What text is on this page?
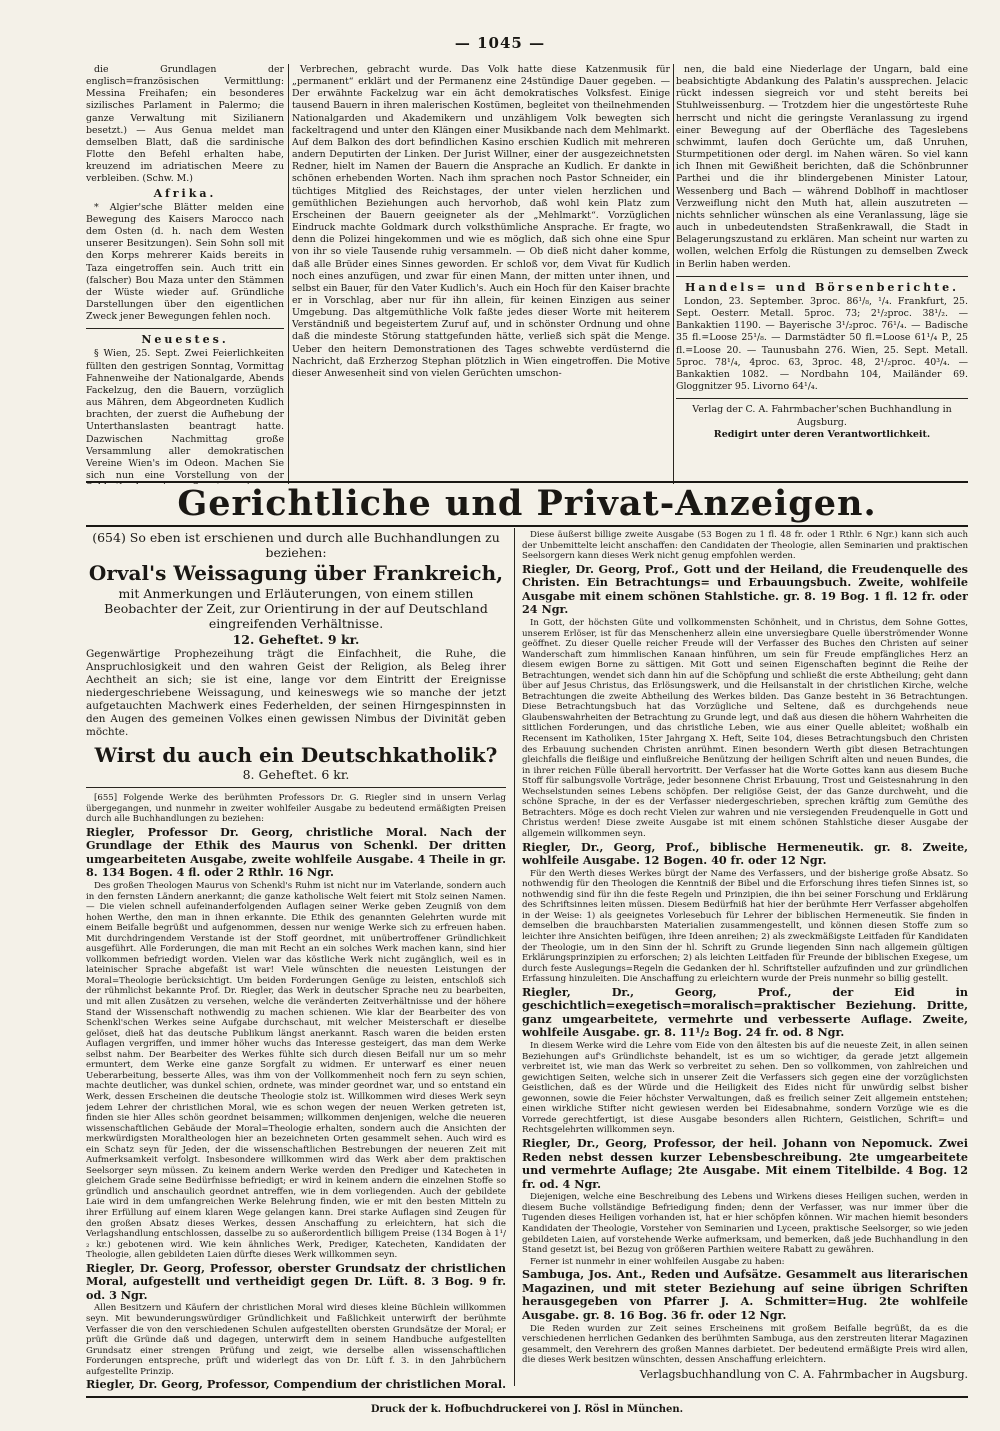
— 1045 —

die Grundlagen der englisch=französischen Vermittlung: Messina Freihafen; ein besonderes sizilisches Parlament in Palermo; die ganze Verwaltung mit Sizilianern besetzt.) — Aus Genua meldet man demselben Blatt, daß die sardinische Flotte den Befehl erhalten habe, kreuzend im adriatischen Meere zu verbleiben. (Schw. M.)

Afrika.

* Algier'sche Blätter melden eine Bewegung des Kaisers Marocco nach dem Osten (d. h. nach dem Westen unserer Besitzungen). Sein Sohn soll mit den Korps mehrerer Kaids bereits in Taza eingetroffen sein. Auch tritt ein (falscher) Bou Maza unter den Stämmen der Wüste wieder auf. Gründliche Darstellungen über den eigentlichen Zweck jener Bewegungen fehlen noch.

Neuestes.

§ Wien, 25. Sept. Zwei Feierlichkeiten füllten den gestrigen Sonntag, Vormittag Fahnenweihe der Nationalgarde, Abends Fackelzug, den die Bauern, vorzüglich aus Mähren, dem Abgeordneten Kudlich brachten, der zuerst die Aufhebung der Unterthanslasten beantragt hatte. Dazwischen Nachmittag große Versammlung aller demokratischen Vereine Wien's im Odeon. Machen Sie sich nun eine Vorstellung von der

Verbrechen, gebracht wurde. Das Volk hatte diese Katzenmusik für „permanent“ erklärt und der Permanenz eine 24stündige Dauer gegeben. — Der erwähnte Fackelzug war ein ächt demokratisches Volksfest. Einige tausend Bauern in ihren malerischen Kostümen, begleitet von theilnehmenden Nationalgarden und Akademikern und unzähligem Volk bewegten sich fackeltragend und unter den Klängen einer Musikbande nach dem Mehlmarkt. Auf dem Balkon des dort befindlichen Kasino erschien Kudlich mit mehreren andern Deputirten der Linken. Der Jurist Willner, einer der ausgezeichnetsten Redner, hielt im Namen der Bauern die Ansprache an Kudlich. Er dankte in schönen erhebenden Worten. Nach ihm sprachen noch Pastor Schneider, ein tüchtiges Mitglied des Reichstages, der unter vielen herzlichen und gemüthlichen Beziehungen auch hervorhob, daß wohl kein Platz zum Erscheinen der Bauern geeigneter als der „Mehlmarkt“. Vorzüglichen Eindruck machte Goldmark durch volksthümliche Ansprache. Er fragte, wo denn die Polizei hingekommen und wie es möglich, daß sich ohne eine Spur von ihr so viele Tausende ruhig versammeln. — Ob dieß nicht daher komme, daß alle Brüder eines Sinnes geworden. Er schloß vor, dem Vivat für Kudlich noch eines anzufügen, und zwar für einen Mann, der mitten unter ihnen, und selbst ein Bauer, für den Vater Kudlich's. Auch ein Hoch für den Kaiser brachte er in Vorschlag, aber nur für ihn allein, für keinen Einzigen aus seiner Umgebung. Das altgemüthliche Volk faßte jedes dieser Worte mit heiterem Verständniß und begeistertem Zuruf auf, und in schönster Ordnung und ohne daß die mindeste Störung stattgefunden hätte, verließ sich spät die Menge. Ueber den heitern Demonstrationen des Tages schwebte verdüsternd die Nachricht, daß Erzherzog Stephan plötzlich in Wien eingetroffen. Die Motive dieser Anwesenheit sind von vielen Gerüchten umschon-

nen, die bald eine Niederlage der Ungarn, bald eine beabsichtigte Abdankung des Palatin's aussprechen. Jelacic rückt indessen siegreich vor und steht bereits bei Stuhlweissenburg. — Trotzdem hier die ungestörteste Ruhe herrscht und nicht die geringste Veranlassung zu irgend einer Bewegung auf der Oberfläche des Tageslebens schwimmt, laufen doch Gerüchte um, daß Unruhen, Sturmpetitionen oder dergl. im Nahen wären. So viel kann ich Ihnen mit Gewißheit berichten, daß die Schönbrunner Parthei und die ihr blindergebenen Minister Latour, Wessenberg und Bach — während Doblhoff in machtloser Verzweiflung nicht den Muth hat, allein auszutreten — nichts sehnlicher wünschen als eine Veranlassung, läge sie auch in unbedeutendsten Straßenkrawall, die Stadt in Belagerungszustand zu erklären. Man scheint nur warten zu wollen, welchen Erfolg die Rüstungen zu demselben Zweck in Berlin haben werden.

Handels= und Börsenberichte.

London, 23. September. 3proc. 86¹/₈, ¹/₄. Frankfurt, 25. Sept. Oesterr. Metall. 5proc. 73; 2¹/₂proc. 38¹/₂. — Bankaktien 1190. — Bayerische 3¹/₂proc. 76¹/₄. — Badische 35 fl.=Loose 25¹/₈. — Darmstädter 50 fl.=Loose 61¹/₄ P., 25 fl.=Loose 20. — Taunusbahn 276. Wien, 25. Sept. Metall. 5proc. 78¹/₄, 4proc. 63, 3proc. 48, 2¹/₂proc. 40³/₄. — Bankaktien 1082. — Nordbahn 104, Mailänder 69. Gloggnitzer 95. Livorno 64¹/₄.

Verlag der C. A. Fahrmbacher'schen Buchhandlung in Augsburg.
Redigirt unter deren Verantwortlichkeit.
Gerichtliche und Privat-Anzeigen.

(654) So eben ist erschienen und durch alle Buchhandlungen zu beziehen:

Orval's Weissagung über Frankreich,

mit Anmerkungen und Erläuterungen, von einem stillen Beobachter der Zeit, zur Orientirung in der auf Deutschland eingreifenden Verhältnisse.

12. Geheftet. 9 kr.

Gegenwärtige Prophezeihung trägt die Einfachheit, die Ruhe, die Anspruchlosigkeit und den wahren Geist der Religion, als Beleg ihrer Aechtheit an sich; sie ist eine, lange vor dem Eintritt der Ereignisse niedergeschriebene Weissagung, und keineswegs wie so manche der jetzt aufgetauchten Machwerk eines Federhelden, der seinen Hirngespinnsten in den Augen des gemeinen Volkes einen gewissen Nimbus der Divinität geben möchte.

Wirst du auch ein Deutschkatholik?

8. Geheftet. 6 kr.

[655] Folgende Werke des berühmten Professors Dr. G. Riegler sind in unsern Verlag übergegangen, und nunmehr in zweiter wohlfeiler Ausgabe zu bedeutend ermäßigten Preisen durch alle Buchhandlungen zu beziehen:

Riegler, Professor Dr. Georg, christliche Moral. Nach der Grundlage der Ethik des Maurus von Schenkl. Der dritten umgearbeiteten Ausgabe, zweite wohlfeile Ausgabe. 4 Theile in gr. 8. 134 Bogen. 4 fl. oder 2 Rthlr. 16 Ngr.

Des großen Theologen Maurus von Schenkl's Ruhm ist nicht nur im Vaterlande, sondern auch in den fernsten Ländern anerkannt; die ganze katholische Welt feiert mit Stolz seinen Namen. — Die vielen schnell aufeinanderfolgenden Auflagen seiner Werke geben Zeugniß von dem hohen Werthe, den man in ihnen erkannte. Die Ethik des genannten Gelehrten wurde mit einem Beifalle begrüßt und aufgenommen, dessen nur wenige Werke sich zu erfreuen haben. Mit durchdringendem Verstande ist der Stoff geordnet, mit unübertroffener Gründlichkeit ausgeführt. Alle Forderungen, die man mit Recht an ein solches Werk machen kann, sind hier vollkommen befriedigt worden. Vielen war das köstliche Werk nicht zugänglich, weil es in lateinischer Sprache abgefaßt ist war! Viele wünschten die neuesten Leistungen der Moral=Theologie berücksichtigt. Um beiden Forderungen Genüge zu leisten, entschloß sich der rühmlichst bekannte Prof. Dr. Riegler, das Werk in deutscher Sprache neu zu bearbeiten, und mit allen Zusätzen zu versehen, welche die veränderten Zeitverhältnisse und der höhere Stand der Wissenschaft nothwendig zu machen schienen. Wie klar der Bearbeiter des von Schenkl'schen Werkes seine Aufgabe durchschaut, mit welcher Meisterschaft er dieselbe gelöset, dieß hat das deutsche Publikum längst anerkannt. Rasch waren die beiden ersten Auflagen vergriffen, und immer höher wuchs das Interesse gesteigert, das man dem Werke selbst nahm. Der Bearbeiter des Werkes fühlte sich durch diesen Beifall nur um so mehr ermuntert, dem Werke eine ganze Sorgfalt zu widmen. Er unterwarf es einer neuen Ueberarbeitung, besserte Alles, was ihm von der Vollkommenheit noch fern zu seyn schien, machte deutlicher, was dunkel schien, ordnete, was minder geordnet war, und so entstand ein Werk, dessen Erscheinen die deutsche Theologie stolz ist. Willkommen wird dieses Werk seyn jedem Lehrer der christlichen Moral, wie es schon wegen der neuen Werken getreten ist, finden sie hier Alles schön geordnet beisammen; willkommen denjenigen, welche die neueren wissenschaftlichen Gebäude der Moral=Theologie erhalten, sondern auch die Ansichten der merkwürdigsten Moraltheologen hier an bezeichneten Orten gesammelt sehen. Auch wird es ein Schatz seyn für Jeden, der die wissenschaftlichen Bestrebungen der neueren Zeit mit Aufmerksamkeit verfolgt. Insbesondere willkommen wird das Werk aber dem praktischen Seelsorger seyn müssen. Zu keinem andern Werke werden den Prediger und Katecheten in gleichem Grade seine Bedürfnisse befriedigt; er wird in keinem andern die einzelnen Stoffe so gründlich und anschaulich geordnet antreffen, wie in dem vorliegenden. Auch der gebildete Laie wird in dem umfangreichen Werke Belehrung finden, wie er mit den besten Mitteln zu ihrer Erfüllung auf einem klaren Wege gelangen kann. Drei starke Auflagen sind Zeugen für den großen Absatz dieses Werkes, dessen Anschaffung zu erleichtern, hat sich die Verlagshandlung entschlossen, dasselbe zu so außerordentlich billigem Preise (134 Bogen à 1¹/₂ kr.) gebotenen wird. Wie kein ähnliches Werk, Prediger, Katecheten, Kandidaten der Theologie, allen gebildeten Laien dürfte dieses Werk willkommen seyn.

Riegler, Dr. Georg, Professor, oberster Grundsatz der christlichen Moral, aufgestellt und vertheidigt gegen Dr. Lüft. 8. 3 Bog. 9 fr. od. 3 Ngr.

Allen Besitzern und Käufern der christlichen Moral wird dieses kleine Büchlein willkommen seyn. Mit bewunderungswürdiger Gründlichkeit und Faßlichkeit unterwirft der berühmte Verfasser die von den verschiedenen Schulen aufgestellten obersten Grundsätze der Moral; er prüft die Gründe daß und dagegen, unterwirft dem in seinem Handbuche aufgestellten Grundsatz einer strengen Prüfung und zeigt, wie derselbe allen wissenschaftlichen Forderungen entspreche, prüft und widerlegt das von Dr. Lüft f. 3. in den Jahrbüchern aufgestellte Prinzip.

Riegler, Dr. Georg, Professor, Compendium der christlichen Moral.

Diese äußerst billige zweite Ausgabe (53 Bogen zu 1 fl. 48 fr. oder 1 Rthlr. 6 Ngr.) kann sich auch der Unbemittelte leicht anschaffen: den Candidaten der Theologie, allen Seminarien und praktischen Seelsorgern kann dieses Werk nicht genug empfohlen werden.

Riegler, Dr. Georg, Prof., Gott und der Heiland, die Freudenquelle des Christen. Ein Betrachtungs= und Erbauungsbuch. Zweite, wohlfeile Ausgabe mit einem schönen Stahlstiche. gr. 8. 19 Bog. 1 fl. 12 fr. oder 24 Ngr.

In Gott, der höchsten Güte und vollkommensten Schönheit, und in Christus, dem Sohne Gottes, unserem Erlöser, ist für das Menschenherz allein eine unversiegbare Quelle überströmender Wonne geöffnet. Zu dieser Quelle reicher Freude will der Verfasser des Buches den Christen auf seiner Wanderschaft zum himmlischen Kanaan hinführen, um sein für Freude empfängliches Herz an diesem ewigen Borne zu sättigen. Mit Gott und seinen Eigenschaften beginnt die Reihe der Betrachtungen, wendet sich dann hin auf die Schöpfung und schließt die erste Abtheilung; geht dann über auf Jesus Christus, das Erlösungswerk, und die Heilsanstalt in der christlichen Kirche, welche Betrachtungen die zweite Abtheilung des Werkes bilden. Das Ganze besteht in 36 Betrachtungen. Diese Betrachtungsbuch hat das Vorzügliche und Seltene, daß es durchgehends neue Glaubenswahrheiten der Betrachtung zu Grunde legt, und daß aus diesen die höhern Wahrheiten die sittlichen Forderungen, und das christliche Leben, wie aus einer Quelle ableitet; woßhalb ein Recensent im Katholiken, 15ter Jahrgang X. Heft, Seite 104, dieses Betrachtungsbuch den Christen des Erbauung suchenden Christen anrühmt. Einen besondern Werth gibt diesen Betrachtungen gleichfalls die fleißige und einflußreiche Benützung der heiligen Schrift alten und neuen Bundes, die in ihrer reichen Fülle überall hervortritt. Der Verfasser hat die Worte Gottes kann aus diesem Buche Stoff für salbungsvolle Vorträge, jeder besonnene Christ Erbauung, Trost und Geistesnahrung in den Wechselstunden seines Lebens schöpfen. Der religiöse Geist, der das Ganze durchweht, und die schöne Sprache, in der es der Verfasser niedergeschrieben, sprechen kräftig zum Gemüthe des Betrachters. Möge es doch recht Vielen zur wahren und nie versiegenden Freudenquelle in Gott und Christus werden! Diese zweite Ausgabe ist mit einem schönen Stahlstiche dieser Ausgabe der allgemein willkommen seyn.

Riegler, Dr., Georg, Prof., biblische Hermeneutik. gr. 8. Zweite, wohlfeile Ausgabe. 12 Bogen. 40 fr. oder 12 Ngr.

Für den Werth dieses Werkes bürgt der Name des Verfassers, und der bisherige große Absatz. So nothwendig für den Theologen die Kenntniß der Bibel und die Erforschung ihres tiefen Sinnes ist, so nothwendig sind für ihn die feste Regeln und Prinzipien, die ihn bei seiner Forschung und Erklärung des Schriftsinnes leiten müssen. Diesem Bedürfniß hat hier der berühmte Herr Verfasser abgeholfen in der Weise: 1) als geeignetes Vorlesebuch für Lehrer der biblischen Hermeneutik. Sie finden in demselben die brauchbarsten Materialien zusammengestellt, und können diesen Stoffe zum so leichter ihre Ansichten beifügen, ihre Ideen anreihen; 2) als zweckmäßigste Leitfaden für Kandidaten der Theologie, um in den Sinn der hl. Schrift zu Grunde liegenden Sinn nach allgemein gültigen Erklärungsprinzipien zu erforschen; 2) als leichten Leitfaden für Freunde der biblischen Exegese, um durch feste Auslegungs=Regeln die Gedanken der hl. Schriftsteller aufzufinden und zur gründlichen Erfassung hinzuleiten. Die Anschaffung zu erleichtern wurde der Preis nunmehr so billig gestellt.

Riegler, Dr., Georg, Prof., der Eid in geschichtlich=exegetisch=moralisch=praktischer Beziehung. Dritte, ganz umgearbeitete, vermehrte und verbesserte Auflage. Zweite, wohlfeile Ausgabe. gr. 8. 11¹/₂ Bog. 24 fr. od. 8 Ngr.

In diesem Werke wird die Lehre vom Eide von den ältesten bis auf die neueste Zeit, in allen seinen Beziehungen auf's Gründlichste behandelt, ist es um so wichtiger, da gerade jetzt allgemein verbreitet ist, wie man das Werk so verbreitet zu sehen. Den so vollkommen, von zahlreichen und gewichtigen Seiten, welche sich in unserer Zeit die Verfassers sich gegen eine der vorzüglichsten Geistlichen, daß es der Würde und die Heiligkeit des Eides nicht für unwürdig selbst bisher gewonnen, sowie die Feier höchster Verwaltungen, daß es freilich seiner Zeit allgemein entstehen; einen wirkliche Stifter nicht gewiesen werden bei Eidesabnahme, sondern Vorzüge wie es die Vorrede gerechtfertigt, ist diese Ausgabe besonders allen Richtern, Geistlichen, Schrift= und Rechtsgelehrten willkommen seyn.

Riegler, Dr., Georg, Professor, der heil. Johann von Nepomuck. Zwei Reden nebst dessen kurzer Lebensbeschreibung. 2te umgearbeitete und vermehrte Auflage; 2te Ausgabe. Mit einem Titelbilde. 4 Bog. 12 fr. od. 4 Ngr.

Diejenigen, welche eine Beschreibung des Lebens und Wirkens dieses Heiligen suchen, werden in diesem Buche vollständige Befriedigung finden; denn der Verfasser, was nur immer über die Tugenden dieses Heiligen vorhanden ist, hat er hier schöpfen können. Wir machen hiemit besonders Kandidaten der Theologie, Vorsteher von Seminarien und Lyceen, praktische Seelsorger, so wie jeden gebildeten Laien, auf vorstehende Werke aufmerksam, und bemerken, daß jede Buchhandlung in den Stand gesetzt ist, bei Bezug von größeren Parthien weitere Rabatt zu gewähren.

Ferner ist nunmehr in einer wohlfeilen Ausgabe zu haben:

Sambuga, Jos. Ant., Reden und Aufsätze. Gesammelt aus literarischen Magazinen, und mit steter Beziehung auf seine übrigen Schriften herausgegeben von Pfarrer J. A. Schmitter=Hug. 2te wohlfeile Ausgabe. gr. 8. 16 Bog. 36 fr. oder 12 Ngr.

Die Reden wurden zur Zeit seines Erscheinens mit großem Beifalle begrüßt, da es die verschiedenen herrlichen Gedanken des berühmten Sambuga, aus den zerstreuten literar Magazinen gesammelt, den Verehrern des großen Mannes darbietet. Der bedeutend ermäßigte Preis wird allen, die dieses Werk besitzen wünschten, dessen Anschaffung erleichtern.

Verlagsbuchhandlung von C. A. Fahrmbacher in Augsburg.
Druck der k. Hofbuchdruckerei von J. Rösl in München.
